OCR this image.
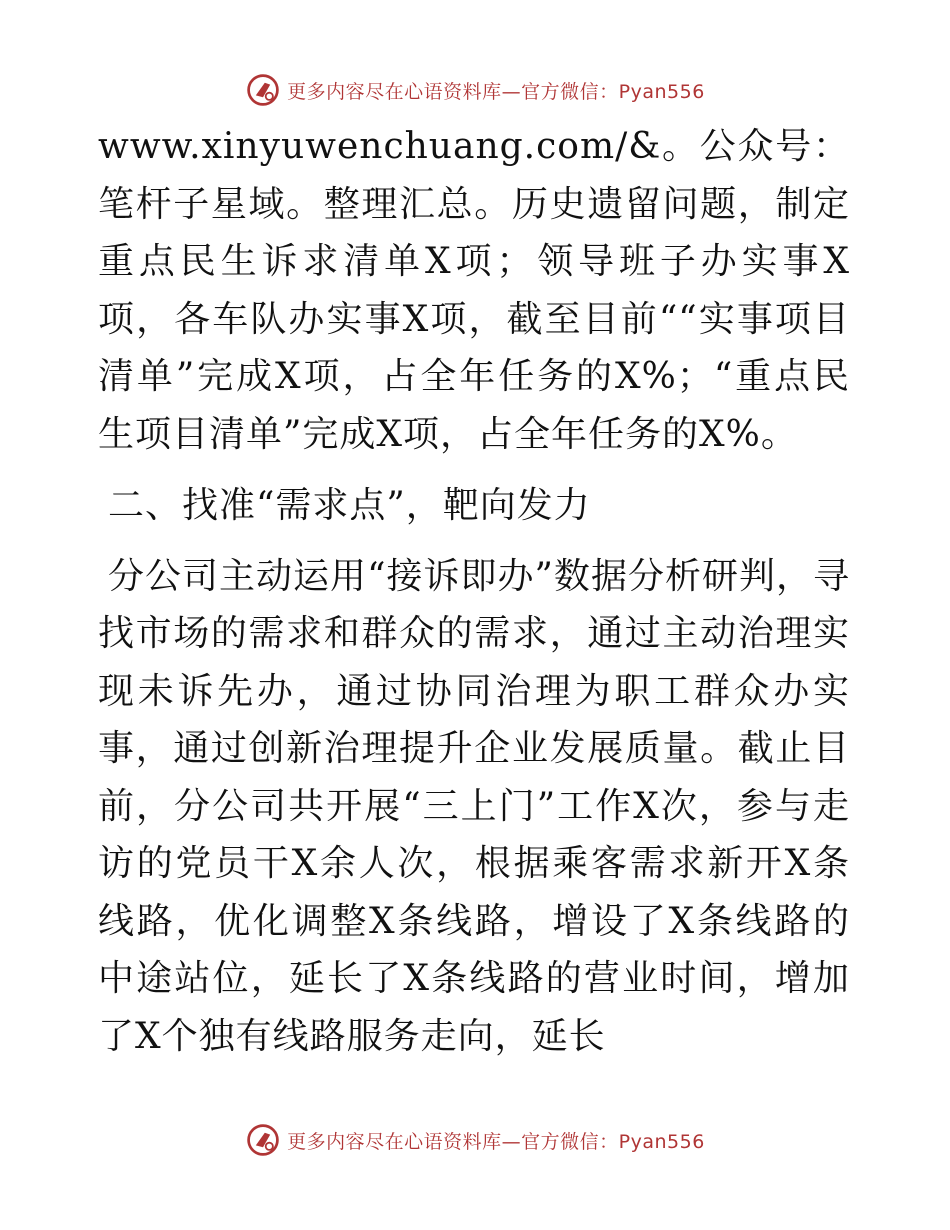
更多内容尽在心语资料库—官方微信：Pyan556

www.xinyuwenchuang.com/&。公众号：笔杆子星域。整理汇总。历史遗留问题，制定重点民生诉求清单X项；领导班子办实事X项，各车队办实事X项，截至目前““实事项目清单”完成X项，占全年任务的X%；“重点民生项目清单”完成X项，占全年任务的X%。

二、找准“需求点”，靶向发力

分公司主动运用“接诉即办”数据分析研判，寻找市场的需求和群众的需求，通过主动治理实现未诉先办，通过协同治理为职工群众办实事，通过创新治理提升企业发展质量。截止目前，分公司共开展“三上门”工作X次，参与走访的党员干X余人次，根据乘客需求新开X条线路，优化调整X条线路，增设了X条线路的中途站位，延长了X条线路的营业时间，增加了X个独有线路服务走向，延长

更多内容尽在心语资料库—官方微信：Pyan556
